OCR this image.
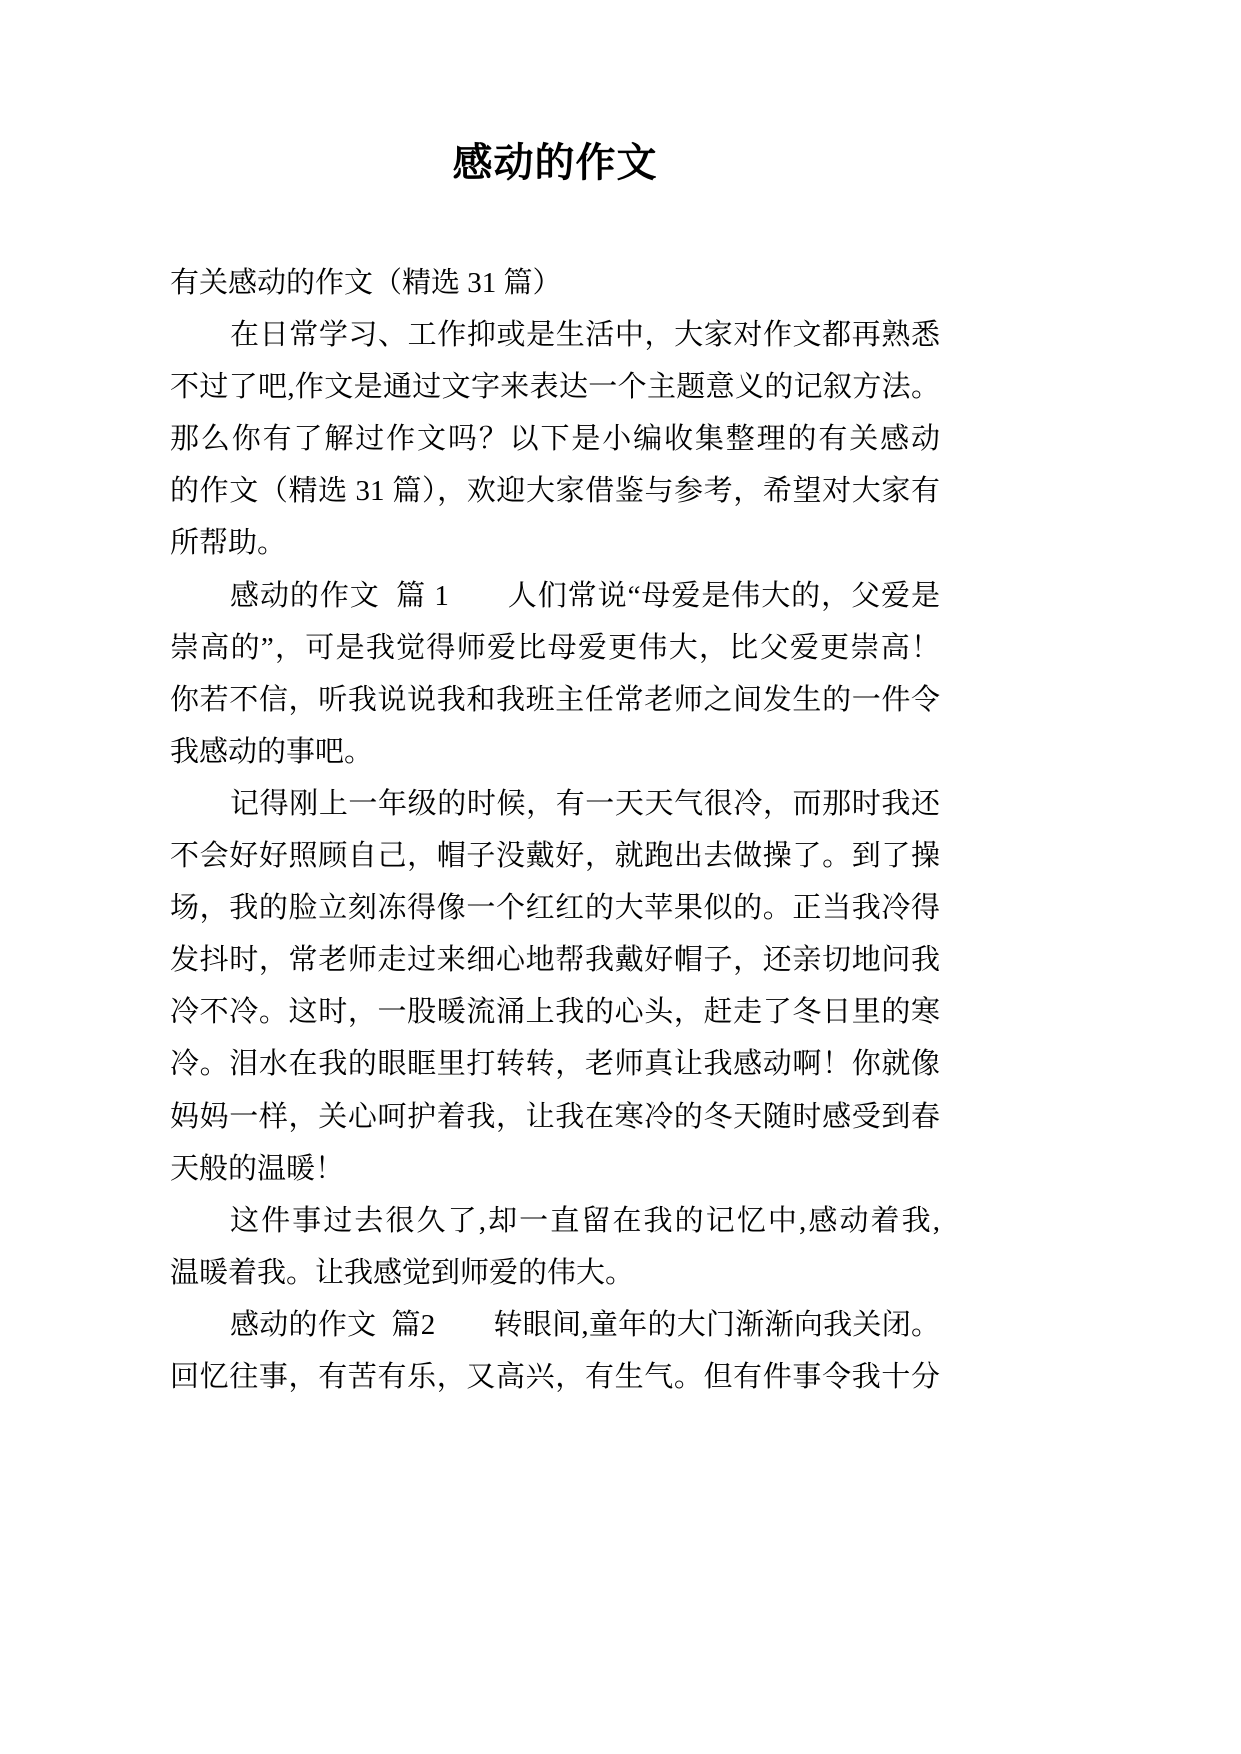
感动的作文
有关感动的作文（精选 31 篇）
在日常学习、工作抑或是生活中，大家对作文都再熟悉
不过了吧,作文是通过文字来表达一个主题意义的记叙方法。
那么你有了解过作文吗？以下是小编收集整理的有关感动
的作文（精选 31 篇），欢迎大家借鉴与参考，希望对大家有
所帮助。
感动的作文  篇 1 人们常说“母爱是伟大的，父爱是
崇高的”，可是我觉得师爱比母爱更伟大，比父爱更崇高！
你若不信，听我说说我和我班主任常老师之间发生的一件令
我感动的事吧。
记得刚上一年级的时候，有一天天气很冷，而那时我还
不会好好照顾自己，帽子没戴好，就跑出去做操了。到了操
场，我的脸立刻冻得像一个红红的大苹果似的。正当我冷得
发抖时，常老师走过来细心地帮我戴好帽子，还亲切地问我
冷不冷。这时，一股暖流涌上我的心头，赶走了冬日里的寒
冷。泪水在我的眼眶里打转转，老师真让我感动啊！你就像
妈妈一样，关心呵护着我，让我在寒冷的冬天随时感受到春
天般的温暖！
这件事过去很久了,却一直留在我的记忆中,感动着我,
温暖着我。让我感觉到师爱的伟大。
感动的作文  篇2 转眼间,童年的大门渐渐向我关闭。
回忆往事，有苦有乐，又高兴，有生气。但有件事令我十分
